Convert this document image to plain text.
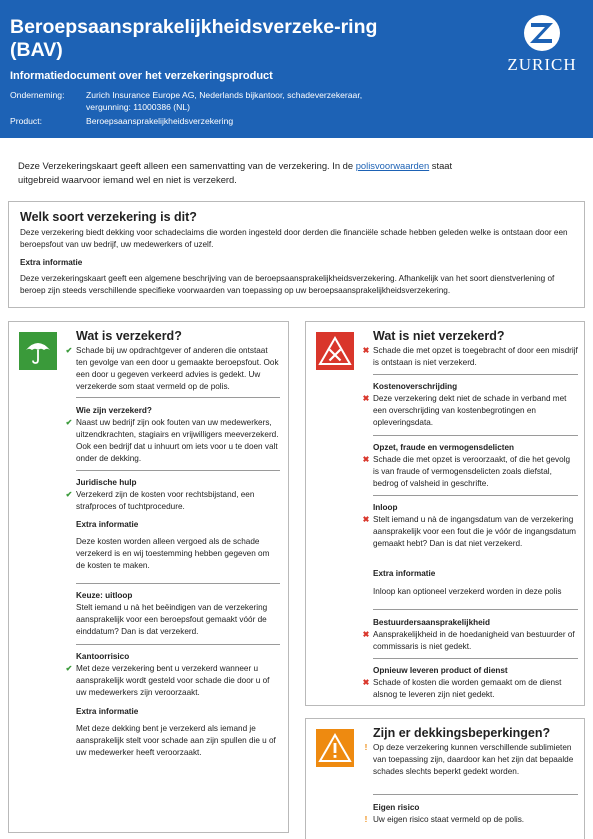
Beroepsaansprakelijkheidsverzeke-ring (BAV)
Informatiedocument over het verzekeringsproduct
Onderneming:	Zurich Insurance Europe AG, Nederlands bijkantoor, schadeverzekeraar, vergunning: 11000386 (NL)
Product:	Beroepsaansprakelijkheidsverzekering
ZURICH
Deze Verzekeringskaart geeft alleen een samenvatting van de verzekering. In de polisvoorwaarden staat uitgebreid waarvoor iemand wel en niet is verzekerd.
Welk soort verzekering is dit?
Deze verzekering biedt dekking voor schadeclaims die worden ingesteld door derden die financiële schade hebben geleden welke is ontstaan door een beroepsfout van uw bedrijf, uw medewerkers of uzelf.
Extra informatie
Deze verzekeringskaart geeft een algemene beschrijving van de beroepsaansprakelijkheidsverzekering. Afhankelijk van het soort dienstverlening of beroep zijn steeds verschillende specifieke voorwaarden van toepassing op uw beroepsaansprakelijkheidsverzekering.
Wat is verzekerd?
✔ Schade bij uw opdrachtgever of anderen die ontstaat ten gevolge van een door u gemaakte beroepsfout. Ook een door u gegeven verkeerd advies is gedekt. Uw verzekerde som staat vermeld op de polis.
Wie zijn verzekerd?
✔ Naast uw bedrijf zijn ook fouten van uw medewerkers, uitzendkrachten, stagiairs en vrijwilligers meeverzekerd. Ook een bedrijf dat u inhuurt om iets voor u te doen valt onder de dekking.
Juridische hulp
✔ Verzekerd zijn de kosten voor rechtsbijstand, een strafproces of tuchtprocedure.
Extra informatie
Deze kosten worden alleen vergoed als de schade verzekerd is en wij toestemming hebben gegeven om de kosten te maken.
Keuze: uitloop
Stelt iemand u nà het beëindigen van de verzekering aansprakelijk voor een beroepsfout gemaakt vóór de einddatum? Dan is dat verzekerd.
Kantoorrisico
✔ Met deze verzekering bent u verzekerd wanneer u aansprakelijk wordt gesteld voor schade die door u of uw medewerkers zijn veroorzaakt.
Extra informatie
Met deze dekking bent je verzekerd als iemand je aansprakelijk stelt voor schade aan zijn spullen die u of uw medewerker heeft veroorzaakt.
Wat is niet verzekerd?
✖ Schade die met opzet is toegebracht of door een misdrijf is ontstaan is niet verzekerd.
Kostenoverschrijding
✖ Deze verzekering dekt niet de schade in verband met een overschrijding van kostenbegrotingen en opleveringsdata.
Opzet, fraude en vermogensdelicten
✖ Schade die met opzet is veroorzaakt, of die het gevolg is van fraude of vermogensdelicten zoals diefstal, bedrog of valsheid in geschrifte.
Inloop
✖ Stelt iemand u nà de ingangsdatum van de verzekering aansprakelijk voor een fout die je vóór de ingangsdatum gemaakt hebt? Dan is dat niet verzekerd.
Extra informatie
Inloop kan optioneel verzekerd worden in deze polis
Bestuurdersaansprakelijkheid
✖ Aansprakelijkheid in de hoedanigheid van bestuurder of commissaris is niet gedekt.
Opnieuw leveren product of dienst
✖ Schade of kosten die worden gemaakt om de dienst alsnog te leveren zijn niet gedekt.
Zijn er dekkingsbeperkingen?
! Op deze verzekering kunnen verschillende sublimieten van toepassing zijn, daardoor kan het zijn dat bepaalde schades slechts beperkt gedekt worden.
Eigen risico
! Uw eigen risico staat vermeld op de polis.
